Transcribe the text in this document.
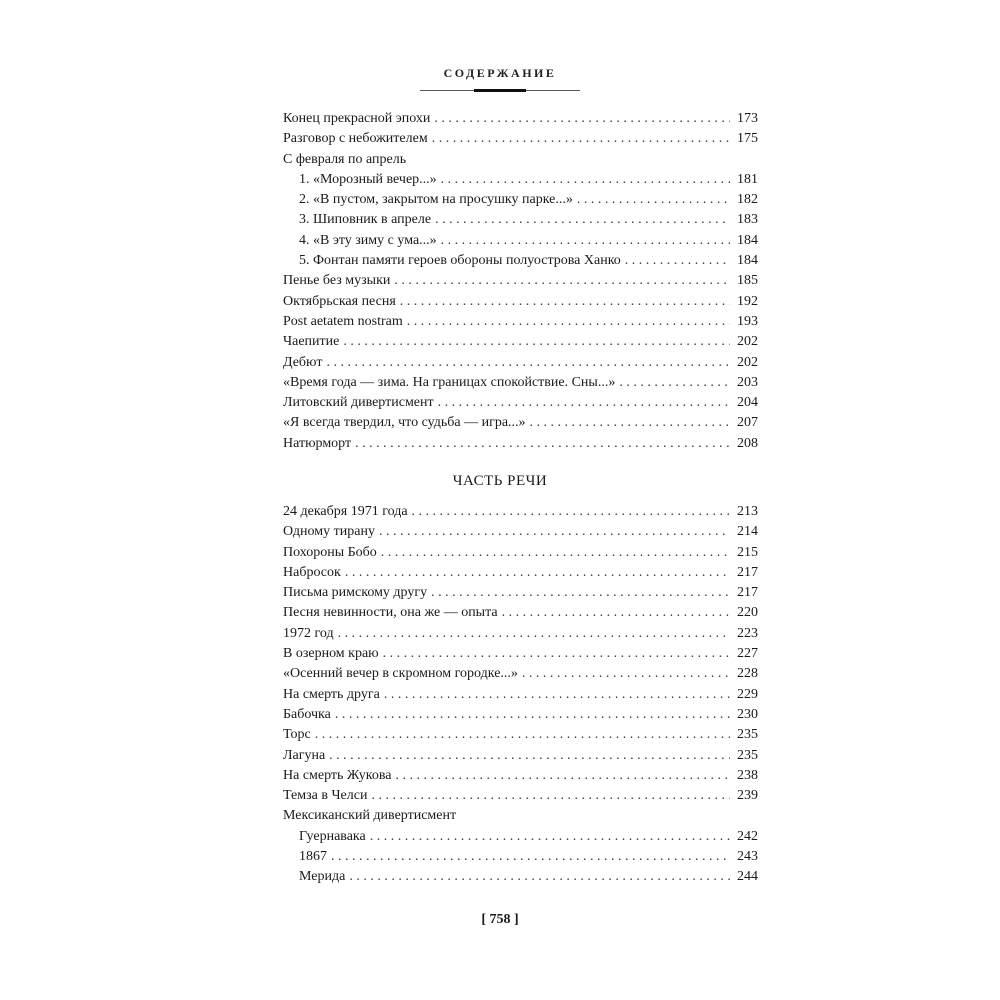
СОДЕРЖАНИЕ
Конец прекрасной эпохи . . .	173
Разговор с небожителем . . .	175
С февраля по апрель
1. «Морозный вечер...» . . .	181
2. «В пустом, закрытом на просушку парке...» . . .	182
3. Шиповник в апреле . . .	183
4. «В эту зиму с ума...» . . .	184
5. Фонтан памяти героев обороны полуострова Ханко . . .	184
Пенье без музыки . . .	185
Октябрьская песня . . .	192
Post aetatem nostram . . .	193
Чаепитие . . .	202
Дебют . . .	202
«Время года — зима. На границах спокойствие. Сны...» . . .	203
Литовский дивертисмент . . .	204
«Я всегда твердил, что судьба — игра...» . . .	207
Натюрморт . . .	208
ЧАСТЬ РЕЧИ
24 декабря 1971 года . . .	213
Одному тирану . . .	214
Похороны Бобо . . .	215
Набросок . . .	217
Письма римскому другу . . .	217
Песня невинности, она же — опыта . . .	220
1972 год . . .	223
В озерном краю . . .	227
«Осенний вечер в скромном городке...» . . .	228
На смерть друга . . .	229
Бабочка . . .	230
Торс . . .	235
Лагуна . . .	235
На смерть Жукова . . .	238
Темза в Челси . . .	239
Мексиканский дивертисмент
Гуернавака . . .	242
1867 . . .	243
Мерида . . .	244
[ 758 ]
